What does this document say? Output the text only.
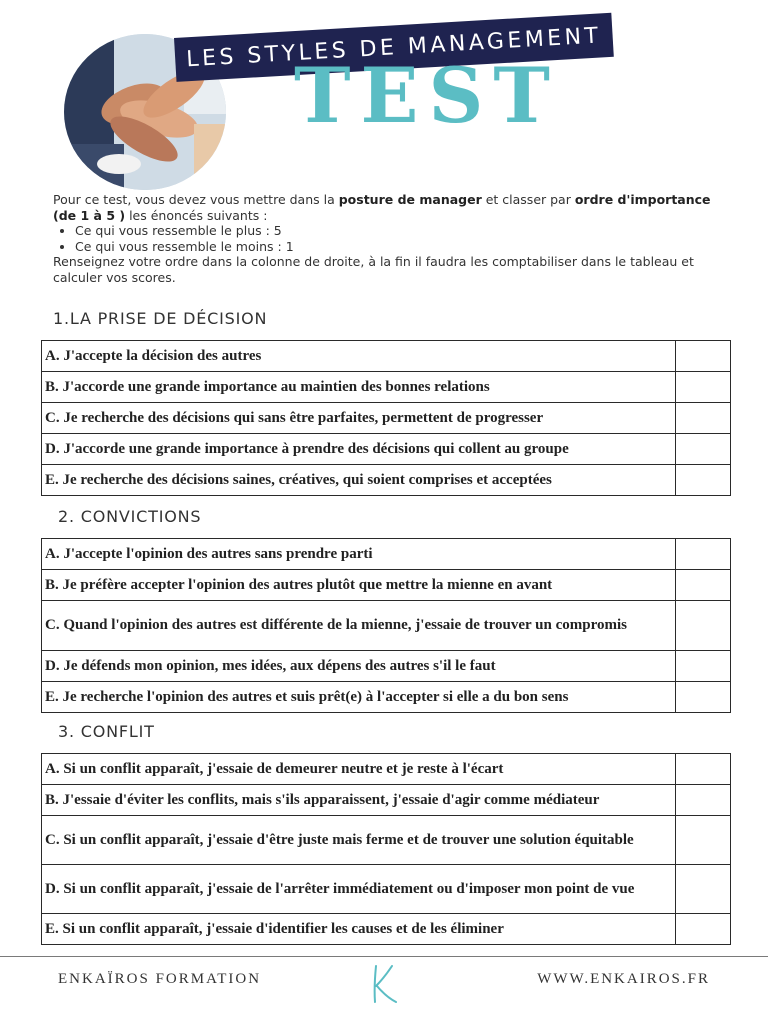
LES STYLES DE MANAGEMENT
TEST
Pour ce test, vous devez vous mettre dans la posture de manager et classer par ordre d'importance (de 1 à 5 ) les énoncés suivants :
• Ce qui vous ressemble le plus : 5
• Ce qui vous ressemble le moins : 1
Renseignez votre ordre dans la colonne de droite, à la fin il faudra les comptabiliser dans le tableau et calculer vos scores.
1.LA PRISE DE DÉCISION
A. J'accepte la décision des autres	
B. J'accorde une grande importance au maintien des bonnes relations	
C. Je recherche des décisions qui sans être parfaites, permettent de progresser	
D. J'accorde une grande importance à prendre des décisions qui collent au groupe	
E. Je recherche des décisions saines, créatives, qui soient comprises et acceptées	
2. CONVICTIONS
A. J'accepte l'opinion des autres sans prendre parti	
B. Je préfère accepter l'opinion des autres plutôt que mettre la mienne en avant	
C. Quand l'opinion des autres est différente de la mienne, j'essaie de trouver un compromis	
D. Je défends mon opinion, mes idées, aux dépens des autres s'il le faut	
E. Je recherche l'opinion des autres et suis prêt(e) à l'accepter si elle a du bon sens	
3. CONFLIT
A. Si un conflit apparaît, j'essaie de demeurer neutre et je reste à l'écart	
B. J'essaie d'éviter les conflits, mais s'ils apparaissent, j'essaie d'agir comme médiateur	
C. Si un conflit apparaît, j'essaie d'être juste mais ferme et de trouver une solution équitable	
D. Si un conflit apparaît, j'essaie de l'arrêter immédiatement ou d'imposer mon point de vue	
E. Si un conflit apparaît, j'essaie d'identifier les causes et de les éliminer	
ENKAÏROS FORMATION	WWW.ENKAIROS.FR
